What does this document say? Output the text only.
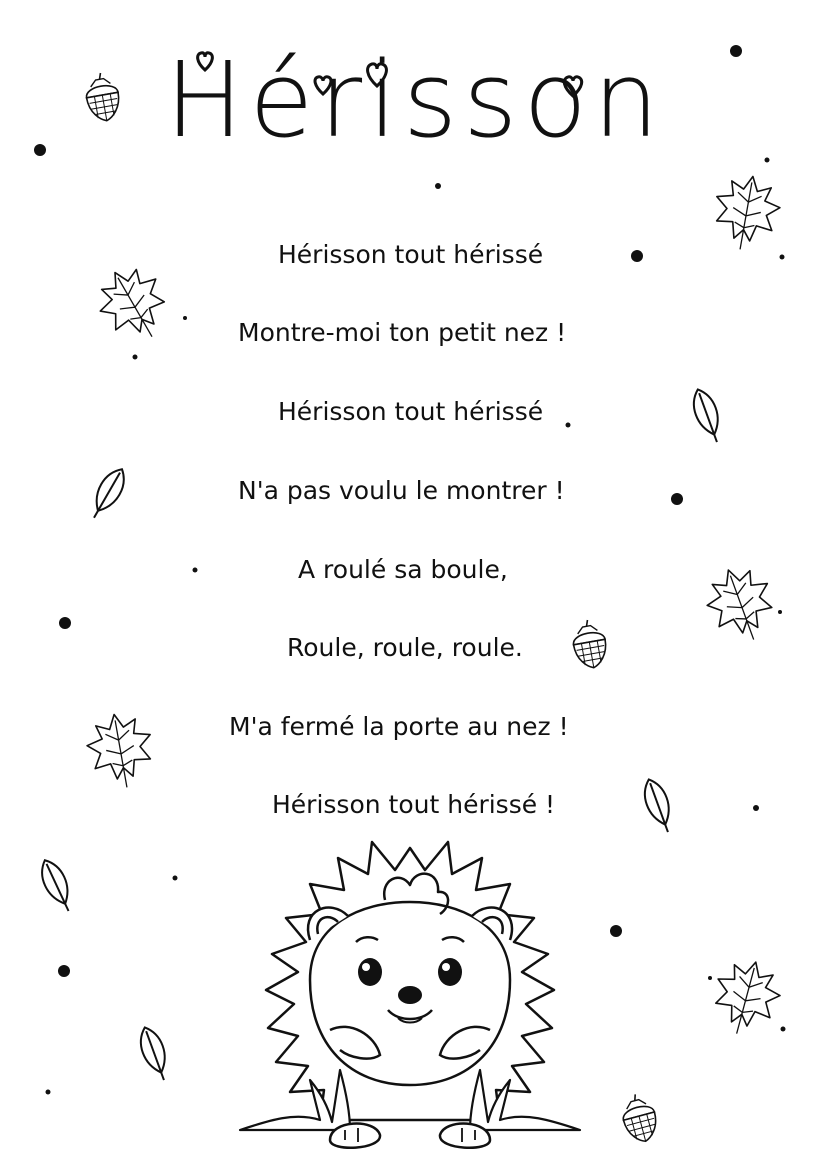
Hérisson
Hérisson tout hérissé
Montre-moi ton petit nez !
Hérisson tout hérissé
N'a pas voulu le montrer !
A roulé sa boule,
Roule, roule, roule.
M'a fermé la porte au nez !
Hérisson tout hérissé !
